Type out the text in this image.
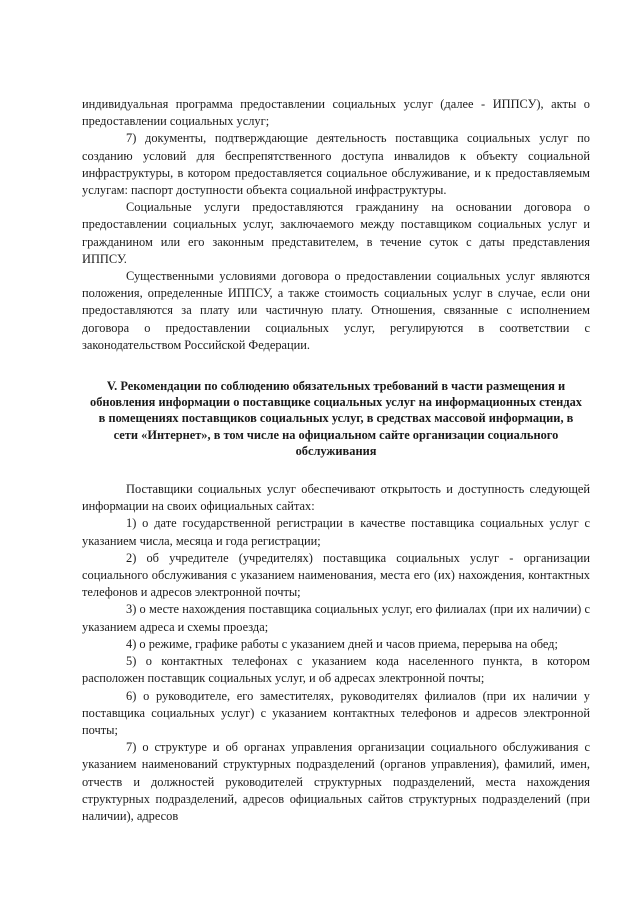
индивидуальная программа предоставлении социальных услуг (далее - ИППСУ), акты о предоставлении социальных услуг;

7) документы, подтверждающие деятельность поставщика социальных услуг по созданию условий для беспрепятственного доступа инвалидов к объекту социальной инфраструктуры, в котором предоставляется социальное обслуживание, и к предоставляемым услугам: паспорт доступности объекта социальной инфраструктуры.

Социальные услуги предоставляются гражданину на основании договора о предоставлении социальных услуг, заключаемого между поставщиком социальных услуг и гражданином или его законным представителем, в течение суток с даты представления ИППСУ.

Существенными условиями договора о предоставлении социальных услуг являются положения, определенные ИППСУ, а также стоимость социальных услуг в случае, если они предоставляются за плату или частичную плату. Отношения, связанные с исполнением договора о предоставлении социальных услуг, регулируются в соответствии с законодательством Российской Федерации.

V. Рекомендации по соблюдению обязательных требований в части размещения и обновления информации о поставщике социальных услуг на информационных стендах в помещениях поставщиков социальных услуг, в средствах массовой информации, в сети «Интернет», в том числе на официальном сайте организации социального обслуживания

Поставщики социальных услуг обеспечивают открытость и доступность следующей информации на своих официальных сайтах:

1) о дате государственной регистрации в качестве поставщика социальных услуг с указанием числа, месяца и года регистрации;

2) об учредителе (учредителях) поставщика социальных услуг - организации социального обслуживания с указанием наименования, места его (их) нахождения, контактных телефонов и адресов электронной почты;

3) о месте нахождения поставщика социальных услуг, его филиалах (при их наличии) с указанием адреса и схемы проезда;

4) о режиме, графике работы с указанием дней и часов приема, перерыва на обед;

5) о контактных телефонах с указанием кода населенного пункта, в котором расположен поставщик социальных услуг, и об адресах электронной почты;

6) о руководителе, его заместителях, руководителях филиалов (при их наличии у поставщика социальных услуг) с указанием контактных телефонов и адресов электронной почты;

7) о структуре и об органах управления организации социального обслуживания с указанием наименований структурных подразделений (органов управления), фамилий, имен, отчеств и должностей руководителей структурных подразделений, места нахождения структурных подразделений, адресов официальных сайтов структурных подразделений (при наличии), адресов
